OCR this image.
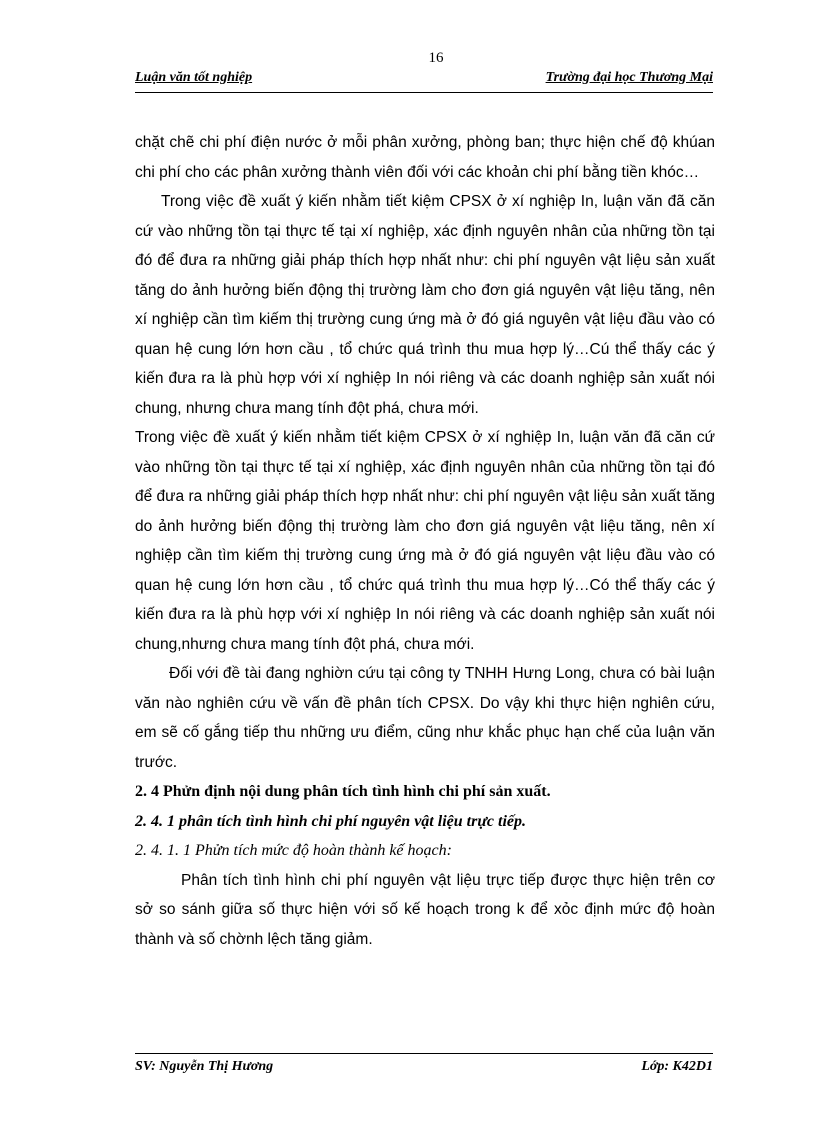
16
Luận văn tốt nghiệp	Trường đại học Thương Mại

chặt chẽ chi phí điện nước ở mỗi phân xưởng, phòng ban; thực hiện chế độ khúan chi phí cho các phân xưởng thành viên đối với các khoản chi phí bằng tiền khóc…

Trong việc đề xuất ý kiến nhằm tiết kiệm CPSX ở xí nghiệp In, luận văn đã căn cứ vào những tồn tại thực tế tại xí nghiệp, xác định nguyên nhân của những tồn tại đó để đưa ra những giải pháp thích hợp nhất như: chi phí nguyên vật liệu sản xuất tăng do ảnh hưởng biến động thị trường làm cho đơn giá nguyên vật liệu tăng, nên xí nghiệp cần tìm kiếm thị trường cung ứng mà ở đó giá nguyên vật liệu đầu vào có quan hệ cung lớn hơn cầu , tổ chức quá trình thu mua hợp lý…Cú thể thấy các ý kiến đưa ra là phù hợp với xí nghiệp In nói riêng và các doanh nghiệp sản xuất nói chung, nhưng chưa mang tính đột phá, chưa mới.

Trong việc đề xuất ý kiến nhằm tiết kiệm CPSX ở xí nghiệp In, luận văn đã căn cứ vào những tồn tại thực tế tại xí nghiệp, xác định nguyên nhân của những tồn tại đó để đưa ra những giải pháp thích hợp nhất như: chi phí nguyên vật liệu sản xuất tăng do ảnh hưởng biến động thị trường làm cho đơn giá nguyên vật liệu tăng, nên xí nghiệp cần tìm kiếm thị trường cung ứng mà ở đó giá nguyên vật liệu đầu vào có quan hệ cung lớn hơn cầu , tổ chức quá trình thu mua hợp lý…Có thể thấy các ý kiến đưa ra là phù hợp với xí nghiệp In nói riêng và các doanh nghiệp sản xuất nói chung,nhưng chưa mang tính đột phá, chưa mới.

Đối với đề tài đang nghiờn cứu tại công ty TNHH Hưng Long, chưa có bài luận văn nào nghiên cứu về vấn đề phân tích CPSX. Do vậy khi thực hiện nghiên cứu, em sẽ cố gắng tiếp thu những ưu điểm, cũng như khắc phục hạn chế của luận văn trước.

2. 4 Phửn định nội dung phân tích tình hình chi phí sản xuất.

2. 4. 1 phân tích tình hình chi phí nguyên vật liệu trực tiếp.

2. 4. 1. 1 Phửn tích mức độ hoàn thành kế hoạch:

Phân tích tình hình chi phí nguyên vật liệu trực tiếp được thực hiện trên cơ sở so sánh giữa số thực hiện với số kế hoạch trong k để xỏc định mức độ hoàn thành và số chờnh lệch tăng giảm.

SV: Nguyễn Thị Hương	Lớp: K42D1
